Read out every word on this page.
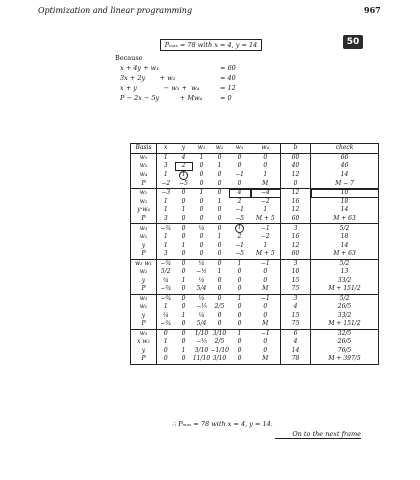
Optimization and linear programming	967
50
Pₘₐₓ = 78 with x = 4, y = 14
Because
x + 4y + w₁	= 60
3x + 2y       + w₂	= 40
x + y             − w₃ +  w₄	= 12
P − 2x − 5y          + Mw₄	= 0
Basis	x	y	w₁	w₂	w₃	w₄	b	check
w₁	1	4	1	0	0	0	60	66
w₂	3	2	0	1	0	0	40	46
w₄	1	1	0	0	−1	1	12	14
P	−2	−5	0	0	0	M	0	M − 7
w₁	−3	0	1	0	4	−4	12	10
w₂	1	0	0	1	2	−2	16	18
y·w₄	1	1	0	0	−1	1	12	14
P	3	0	0	0	−5	M + 5	60	M + 63
w₃	−¾	0	¼	0	1	−1	3	5/2
w₂	1	0	0	1	2	−2	16	18
y	1	1	0	0	−1	1	12	14
P	3	0	0	0	−5	M + 5	60	M + 63
w₃ w₁	−¾	0	¼	0	1	−1	3	5/2
w₂	5/2	0	−½	1	0	0	10	13
y	¼	1	¼	0	0	0	15	33/2
P	−¾	0	5/4	0	0	M	75	M + 151/2
w₃	−¾	0	¼	0	1	−1	3	5/2
w₂	1	0	−⅕	2/5	0	0	4	26/5
y	¼	1	¼	0	0	0	15	33/2
P	−¾	0	5/4	0	0	M	75	M + 151/2
w₃	0	0	1/10	3/10	1	−1	6	32/5
x w₂	1	0	−⅕	2/5	0	0	4	26/5
y	0	1	3/10	−1/10	0	0	14	76/5
P	0	0	11/10	3/10	0	M	78	M + 397/5
∴ Pₘₐₓ = 78 with x = 4, y = 14.
On to the next frame
